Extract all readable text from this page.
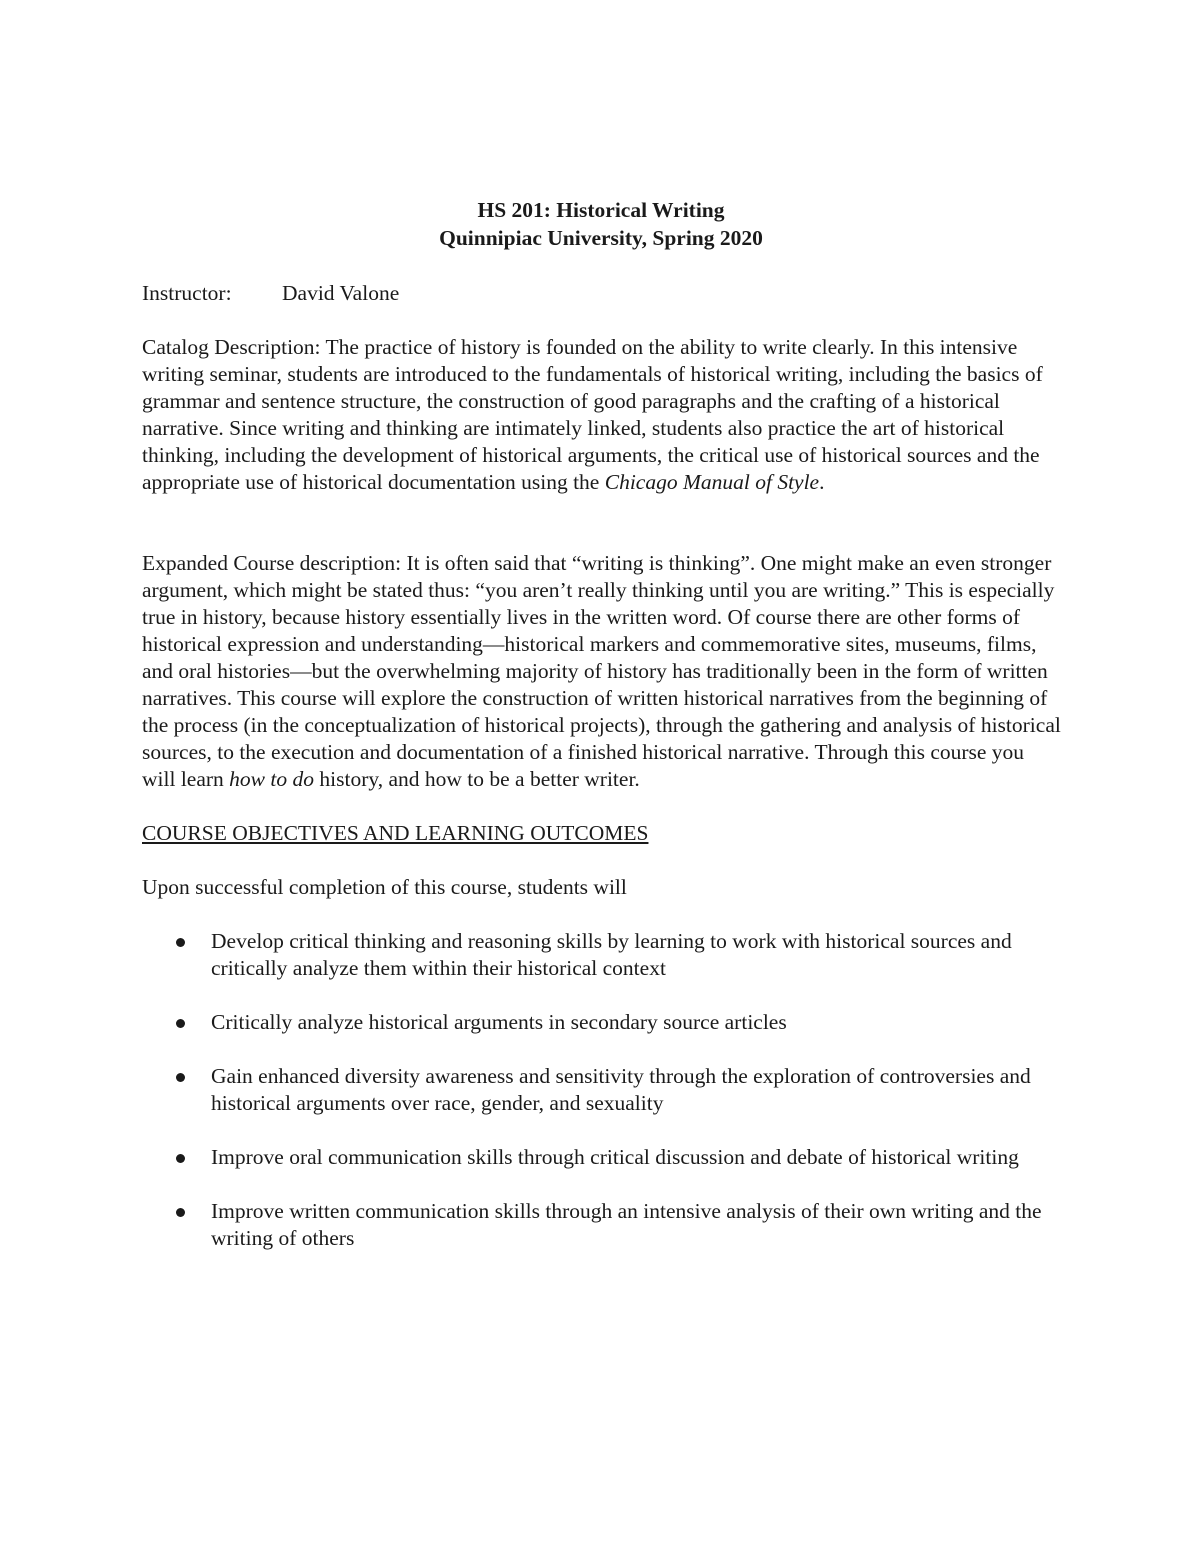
HS 201: Historical Writing
Quinnipiac University, Spring 2020
Instructor:	David Valone
Catalog Description: The practice of history is founded on the ability to write clearly. In this intensive writing seminar, students are introduced to the fundamentals of historical writing, including the basics of grammar and sentence structure, the construction of good paragraphs and the crafting of a historical narrative. Since writing and thinking are intimately linked, students also practice the art of historical thinking, including the development of historical arguments, the critical use of historical sources and the appropriate use of historical documentation using the Chicago Manual of Style.
Expanded Course description: It is often said that “writing is thinking”. One might make an even stronger argument, which might be stated thus: “you aren’t really thinking until you are writing.” This is especially true in history, because history essentially lives in the written word. Of course there are other forms of historical expression and understanding—historical markers and commemorative sites, museums, films, and oral histories—but the overwhelming majority of history has traditionally been in the form of written narratives. This course will explore the construction of written historical narratives from the beginning of the process (in the conceptualization of historical projects), through the gathering and analysis of historical sources, to the execution and documentation of a finished historical narrative. Through this course you will learn how to do history, and how to be a better writer.
COURSE OBJECTIVES AND LEARNING OUTCOMES
Upon successful completion of this course, students will
Develop critical thinking and reasoning skills by learning to work with historical sources and critically analyze them within their historical context
Critically analyze historical arguments in secondary source articles
Gain enhanced diversity awareness and sensitivity through the exploration of controversies and historical arguments over race, gender, and sexuality
Improve oral communication skills through critical discussion and debate of historical writing
Improve written communication skills through an intensive analysis of their own writing and the writing of others
